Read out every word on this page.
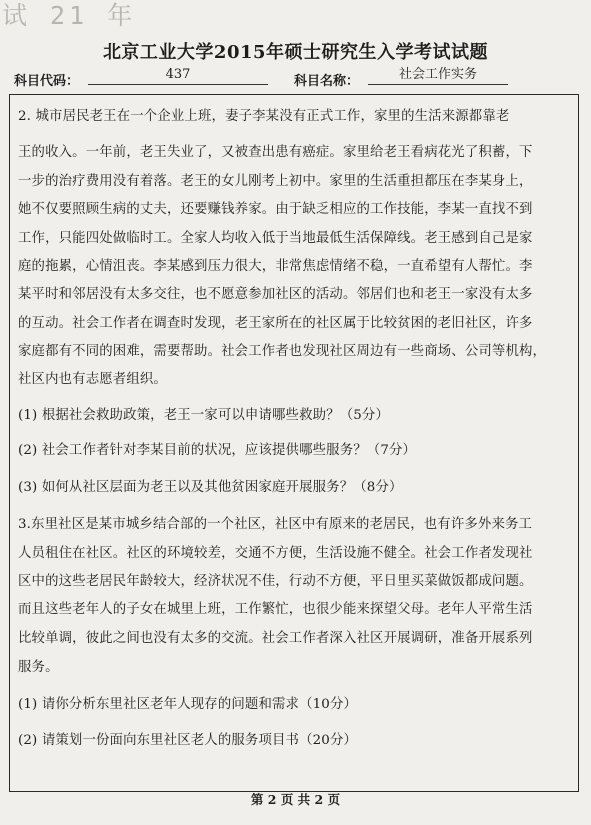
试 21 年
北京工业大学2015年硕士研究生入学考试试题
科目代码：	437	科目名称：	社会工作实务
2. 城市居民老王在一个企业上班，妻子李某没有正式工作，家里的生活来源都靠老
王的收入。一年前，老王失业了，又被查出患有癌症。家里给老王看病花光了积蓄，下
一步的治疗费用没有着落。老王的女儿刚考上初中。家里的生活重担都压在李某身上，
她不仅要照顾生病的丈夫，还要赚钱养家。由于缺乏相应的工作技能，李某一直找不到
工作，只能四处做临时工。全家人均收入低于当地最低生活保障线。老王感到自己是家
庭的拖累，心情沮丧。李某感到压力很大，非常焦虑情绪不稳，一直希望有人帮忙。李
某平时和邻居没有太多交往，也不愿意参加社区的活动。邻居们也和老王一家没有太多
的互动。社会工作者在调查时发现，老王家所在的社区属于比较贫困的老旧社区，许多
家庭都有不同的困难，需要帮助。社会工作者也发现社区周边有一些商场、公司等机构，
社区内也有志愿者组织。
(1) 根据社会救助政策，老王一家可以申请哪些救助？（5分）
(2) 社会工作者针对李某目前的状况，应该提供哪些服务？（7分）
(3) 如何从社区层面为老王以及其他贫困家庭开展服务？（8分）
3.东里社区是某市城乡结合部的一个社区，社区中有原来的老居民，也有许多外来务工
人员租住在社区。社区的环境较差，交通不方便，生活设施不健全。社会工作者发现社
区中的这些老居民年龄较大，经济状况不佳，行动不方便，平日里买菜做饭都成问题。
而且这些老年人的子女在城里上班，工作繁忙，也很少能来探望父母。老年人平常生活
比较单调，彼此之间也没有太多的交流。社会工作者深入社区开展调研，准备开展系列
服务。
(1) 请你分析东里社区老年人现存的问题和需求（10分）
(2) 请策划一份面向东里社区老人的服务项目书（20分）
第 2 页 共 2 页
